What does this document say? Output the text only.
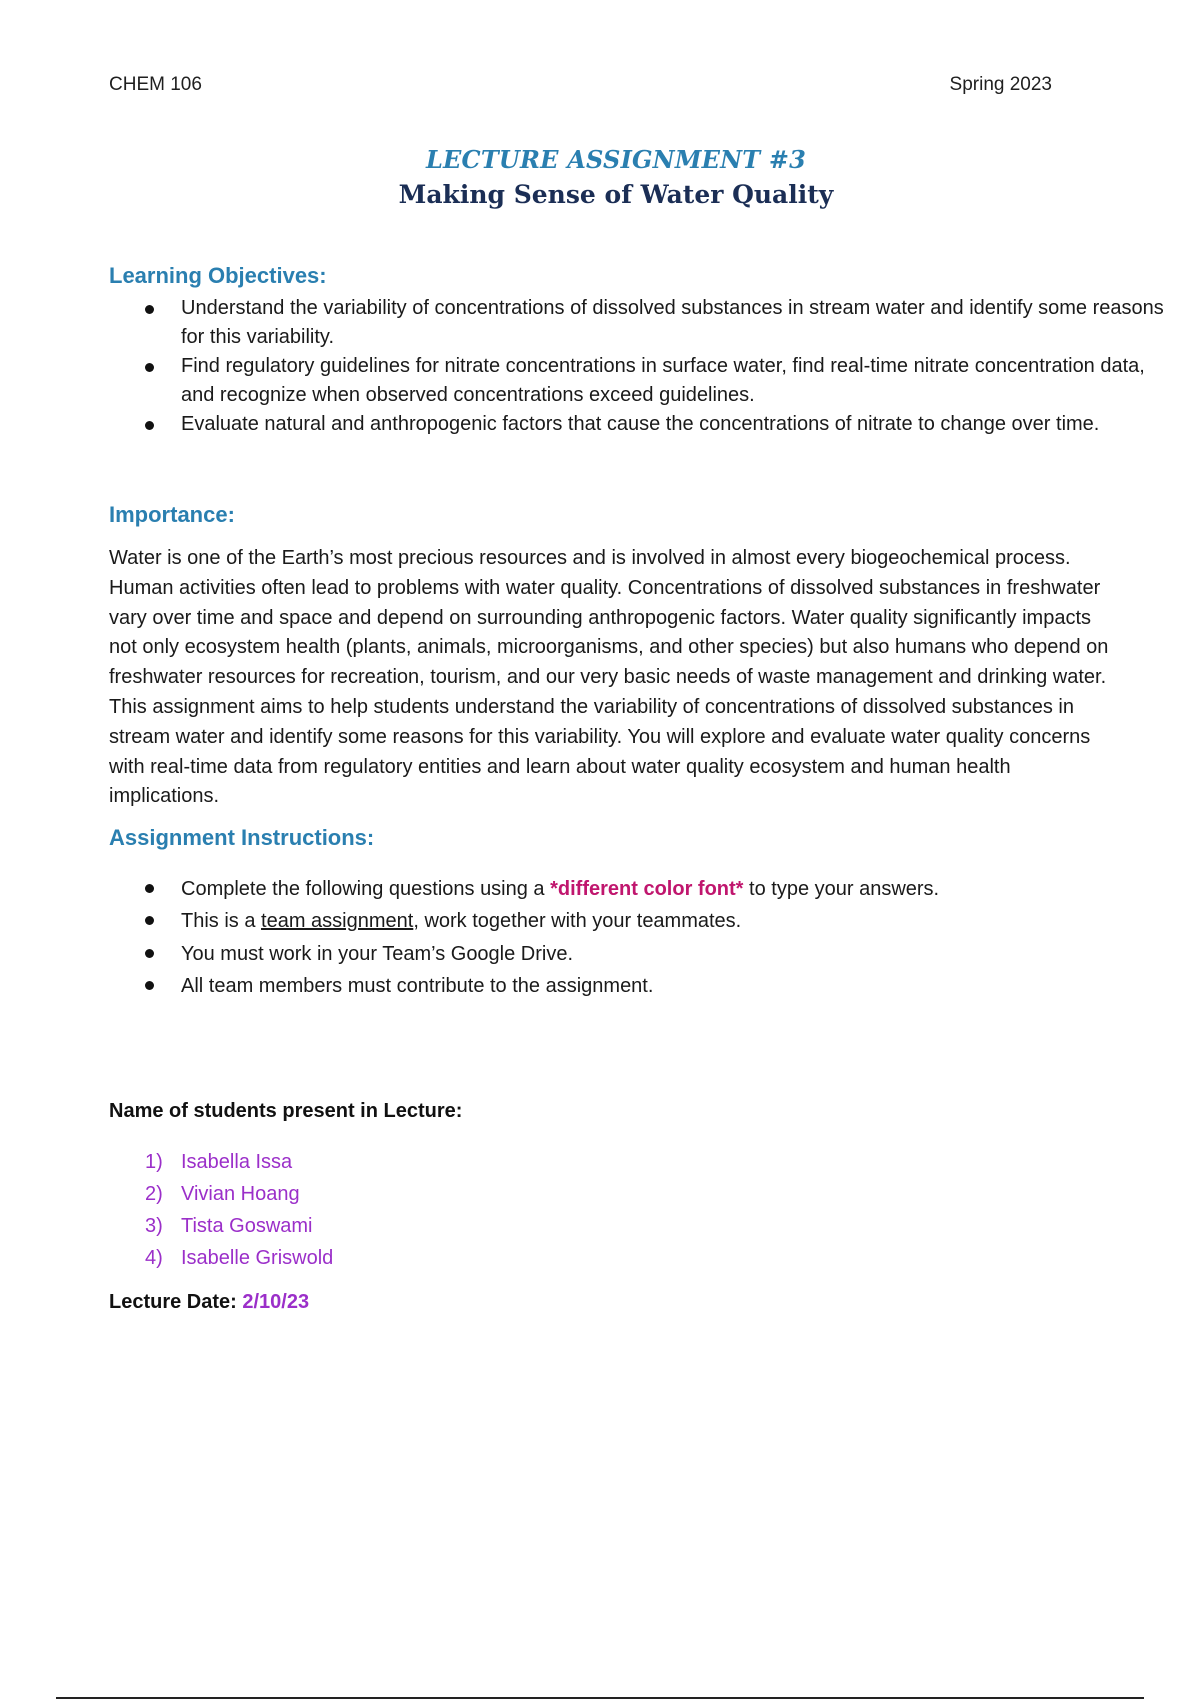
CHEM 106	Spring 2023
LECTURE ASSIGNMENT #3
Making Sense of Water Quality
Learning Objectives:
Understand the variability of concentrations of dissolved substances in stream water and identify some reasons for this variability.
Find regulatory guidelines for nitrate concentrations in surface water, find real-time nitrate concentration data, and recognize when observed concentrations exceed guidelines.
Evaluate natural and anthropogenic factors that cause the concentrations of nitrate to change over time.
Importance:
Water is one of the Earth’s most precious resources and is involved in almost every biogeochemical process. Human activities often lead to problems with water quality. Concentrations of dissolved substances in freshwater vary over time and space and depend on surrounding anthropogenic factors. Water quality significantly impacts not only ecosystem health (plants, animals, microorganisms, and other species) but also humans who depend on freshwater resources for recreation, tourism, and our very basic needs of waste management and drinking water. This assignment aims to help students understand the variability of concentrations of dissolved substances in stream water and identify some reasons for this variability. You will explore and evaluate water quality concerns with real-time data from regulatory entities and learn about water quality ecosystem and human health implications.
Assignment Instructions:
Complete the following questions using a *different color font* to type your answers.
This is a team assignment, work together with your teammates.
You must work in your Team’s Google Drive.
All team members must contribute to the assignment.
Name of students present in Lecture:
1) Isabella Issa
2) Vivian Hoang
3) Tista Goswami
4) Isabelle Griswold
Lecture Date: 2/10/23
